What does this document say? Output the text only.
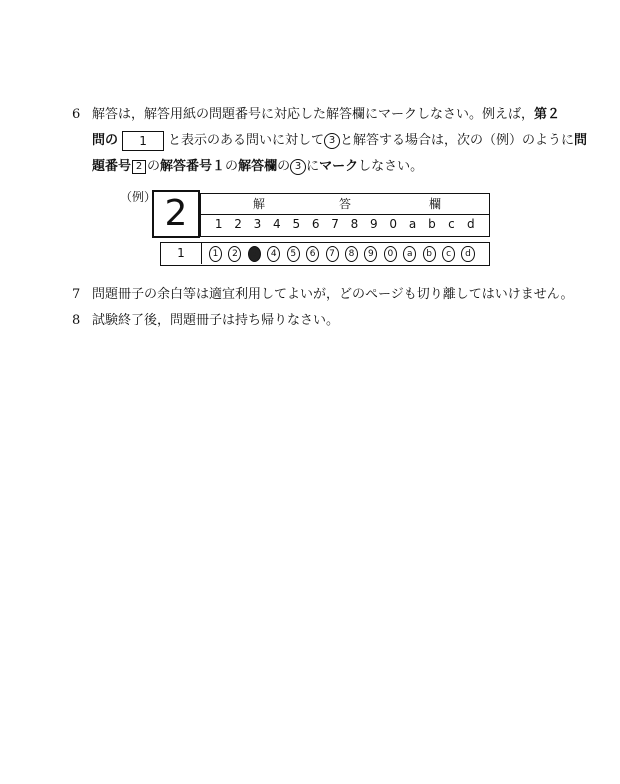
6 解答は，解答用紙の問題番号に対応した解答欄にマークしなさい。例えば，第２
問の 1 と表示のある問いに対して 3 と解答する場合は，次の（例）のように問
題番号 2 の解答番号１の解答欄の 3 にマークしなさい。
（例） 2	解	答	欄
1 2 3 4 5 6 7 8 9 0 a b	c	d
1	1	2	3	4	5	6	7	8	9	0	a	b	c	d
7 問題冊子の余白等は適宜利用してよいが，どのページも切り離してはいけません。
8 試験終了後，問題冊子は持ち帰りなさい。
